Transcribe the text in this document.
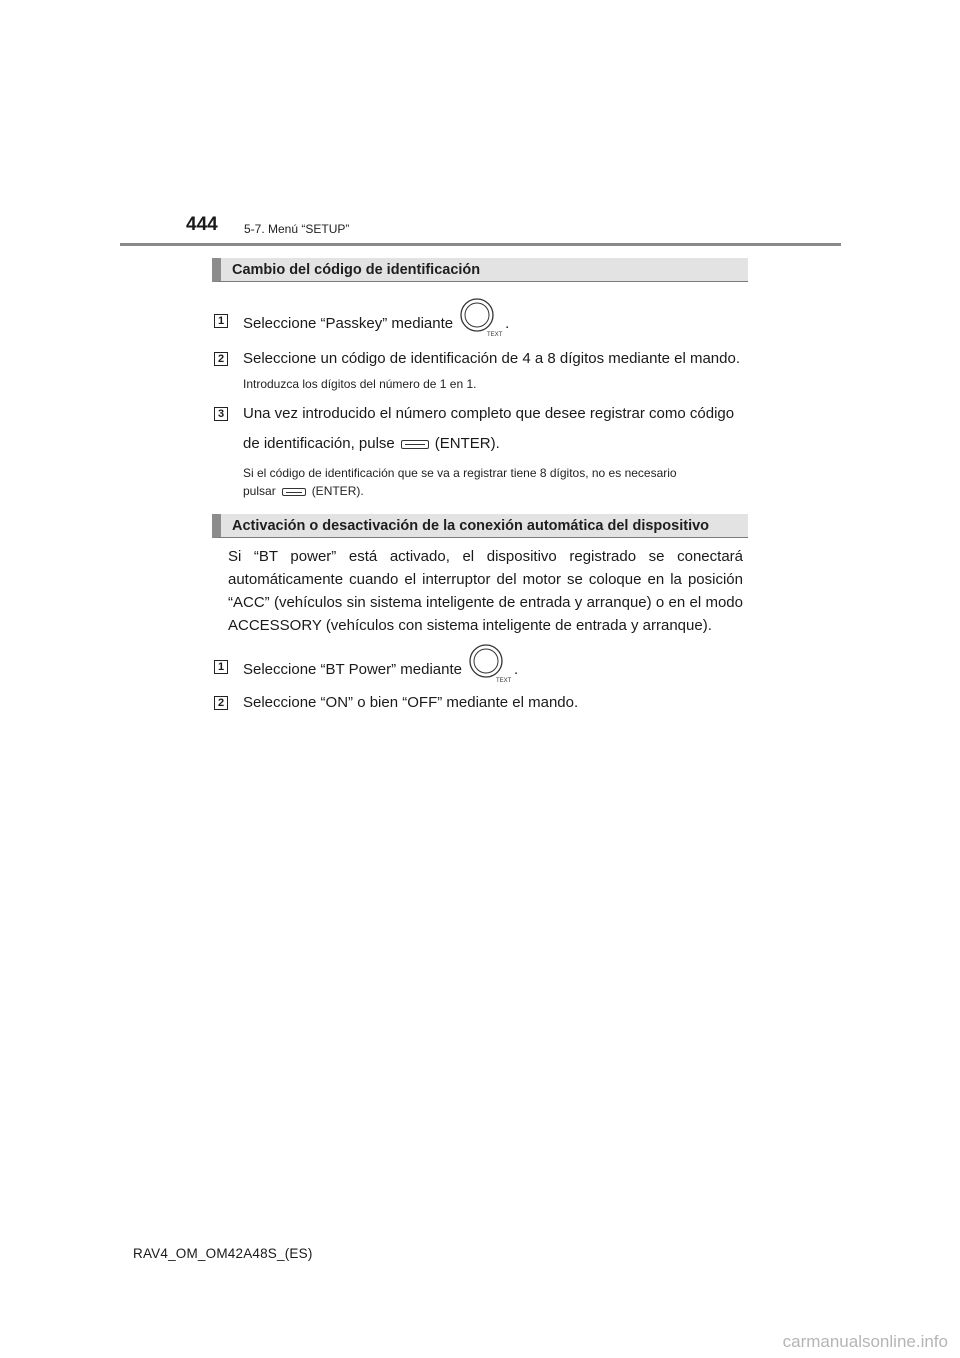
444 5-7. Menú “SETUP”
Cambio del código de identificación
1 Seleccione “Passkey” mediante
TEXT
.
2 Seleccione un código de identificación de 4 a 8 dígitos mediante el mando.
Introduzca los dígitos del número de 1 en 1.
3 Una vez introducido el número completo que desee registrar como código
de identificación, pulse	(ENTER).
Si el código de identificación que se va a registrar tiene 8 dígitos, no es necesario
pulsar	(ENTER).
Activación o desactivación de la conexión automática del dispositivo
Si “BT power” está activado, el dispositivo registrado se conectará automáticamente cuando el interruptor del motor se coloque en la posición “ACC” (vehículos sin sistema inteligente de entrada y arranque) o en el modo ACCESSORY (vehículos con sistema inteligente de entrada y arranque).
1 Seleccione “BT Power” mediante
TEXT
.
2 Seleccione “ON” o bien “OFF” mediante el mando.
RAV4_OM_OM42A48S_(ES)
carmanualsonline.info
